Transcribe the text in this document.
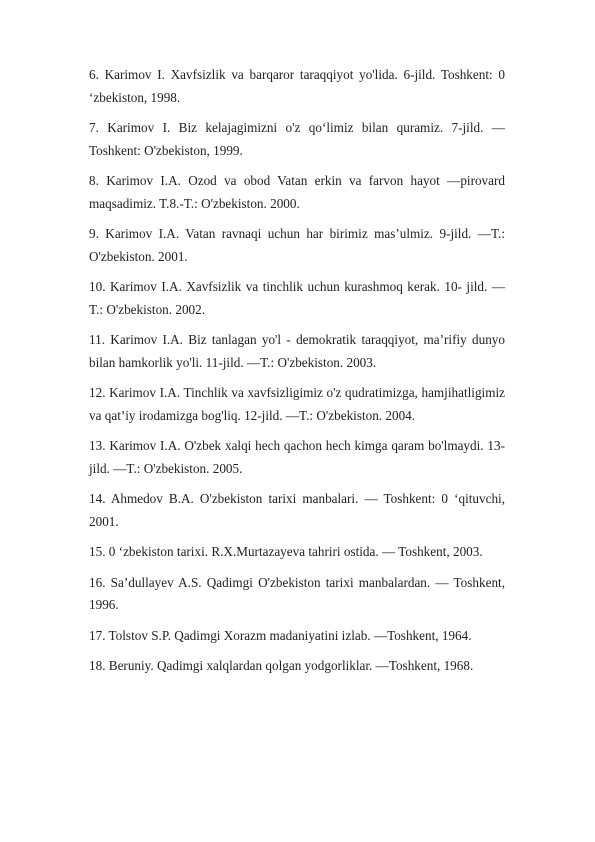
6. Karimov I. Xavfsizlik va barqaror taraqqiyot yo'lida. 6-jild. Toshkent: 0 ‘zbekiston, 1998.
7. Karimov I. Biz kelajagimizni o'z qo‘limiz bilan quramiz. 7-jild. — Toshkent: O'zbekiston, 1999.
8. Karimov I.A. Ozod va obod Vatan erkin va farvon hayot —pirovard maqsadimiz. T.8.-T.: O'zbekiston. 2000.
9. Karimov I.A. Vatan ravnaqi uchun har birimiz mas’ulmiz. 9-jild. —T.: O'zbekiston. 2001.
10. Karimov I.A. Xavfsizlik va tinchlik uchun kurashmoq kerak. 10- jild. —T.: O'zbekiston. 2002.
11. Karimov I.A. Biz tanlagan yo'l - demokratik taraqqiyot, ma’rifiy dunyo bilan hamkorlik yo'li. 11-jild. —T.: O'zbekiston. 2003.
12. Karimov I.A. Tinchlik va xavfsizligimiz o'z qudratimizga, hamjihatligimiz va qat’iy irodamizga bog'liq. 12-jild. —T.: O'zbekiston. 2004.
13. Karimov I.A. O'zbek xalqi hech qachon hech kimga qaram bo'lmaydi. 13-jild. —T.: O'zbekiston. 2005.
14. Ahmedov B.A. O'zbekiston tarixi manbalari. — Toshkent: 0 ‘qituvchi, 2001.
15. 0 ‘zbekiston tarixi. R.X.Murtazayeva tahriri ostida. — Toshkent, 2003.
16. Sa’dullayev A.S. Qadimgi O'zbekiston tarixi manbalardan. — Toshkent, 1996.
17. Tolstov S.P. Qadimgi Xorazm madaniyatini izlab. —Toshkent, 1964.
18. Beruniy. Qadimgi xalqlardan qolgan yodgorliklar. —Toshkent, 1968.
